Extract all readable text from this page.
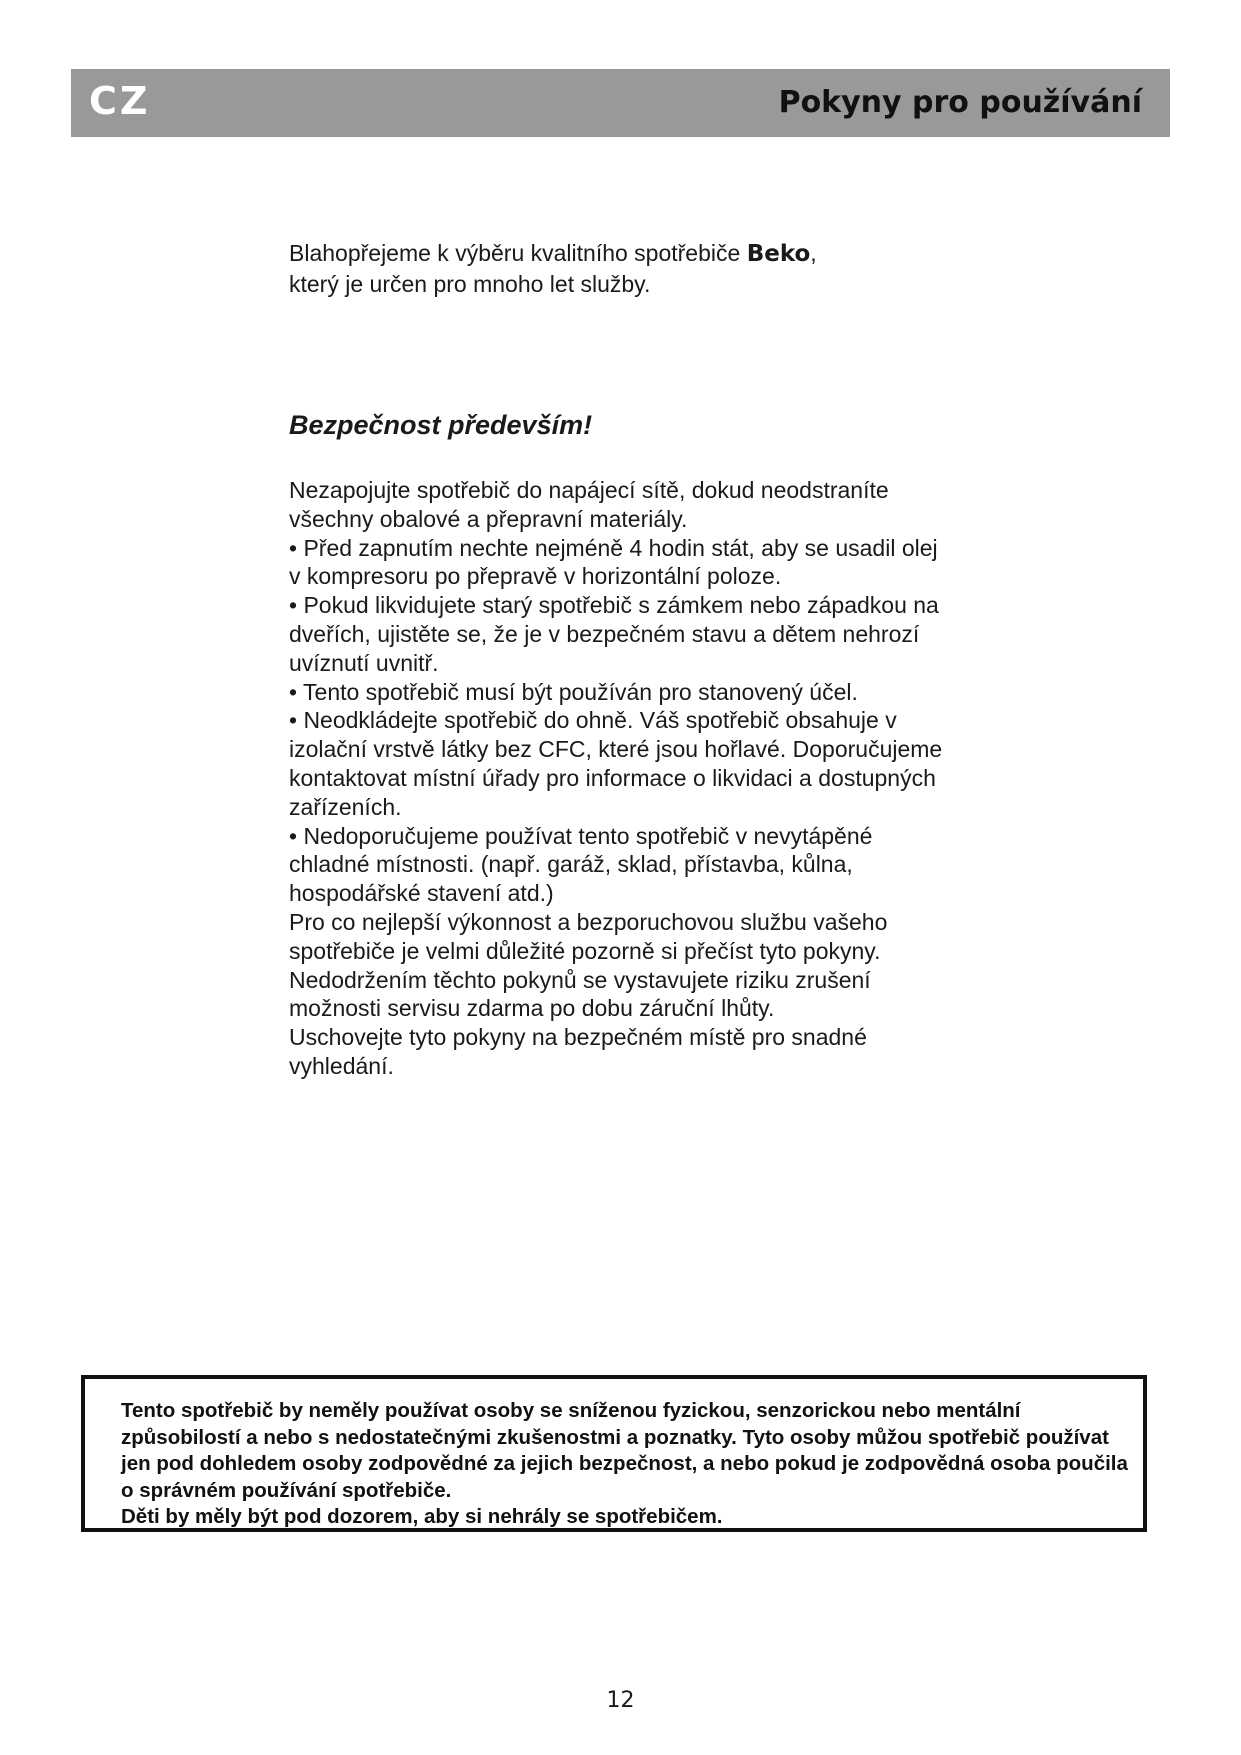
CZ	Pokyny pro používání
Blahopřejeme k výběru kvalitního spotřebiče Beko,
který je určen pro mnoho let služby.
Bezpečnost především!

Nezapojujte spotřebič do napájecí sítě, dokud neodstraníte všechny obalové a přepravní materiály.

• Před zapnutím nechte nejméně 4 hodin stát, aby se usadil olej v kompresoru po přepravě v horizontální poloze.

• Pokud likvidujete starý spotřebič s zámkem nebo západkou na dveřích, ujistěte se, že je v bezpečném stavu a dětem nehrozí uvíznutí uvnitř.

• Tento spotřebič musí být používán pro stanovený účel.

• Neodkládejte spotřebič do ohně. Váš spotřebič obsahuje v izolační vrstvě látky bez CFC, které jsou hořlavé. Doporučujeme kontaktovat místní úřady pro informace o likvidaci a dostupných zařízeních.

• Nedoporučujeme používat tento spotřebič v nevytápěné chladné místnosti. (např. garáž, sklad, přístavba, kůlna, hospodářské stavení atd.)

Pro co nejlepší výkonnost a bezporuchovou službu vašeho spotřebiče je velmi důležité pozorně si přečíst tyto pokyny. Nedodržením těchto pokynů se vystavujete riziku zrušení možnosti servisu zdarma po dobu záruční lhůty.

Uschovejte tyto pokyny na bezpečném místě pro snadné vyhledání.

Tento spotřebič by neměly používat osoby se sníženou fyzickou, senzorickou nebo mentální způsobilostí a nebo s nedostatečnými zkušenostmi a poznatky. Tyto osoby můžou spotřebič používat jen pod dohledem osoby zodpovědné za jejich bezpečnost, a nebo pokud je zodpovědná osoba poučila o správném používání spotřebiče.

Děti by měly být pod dozorem, aby si nehrály se spotřebičem.

12
